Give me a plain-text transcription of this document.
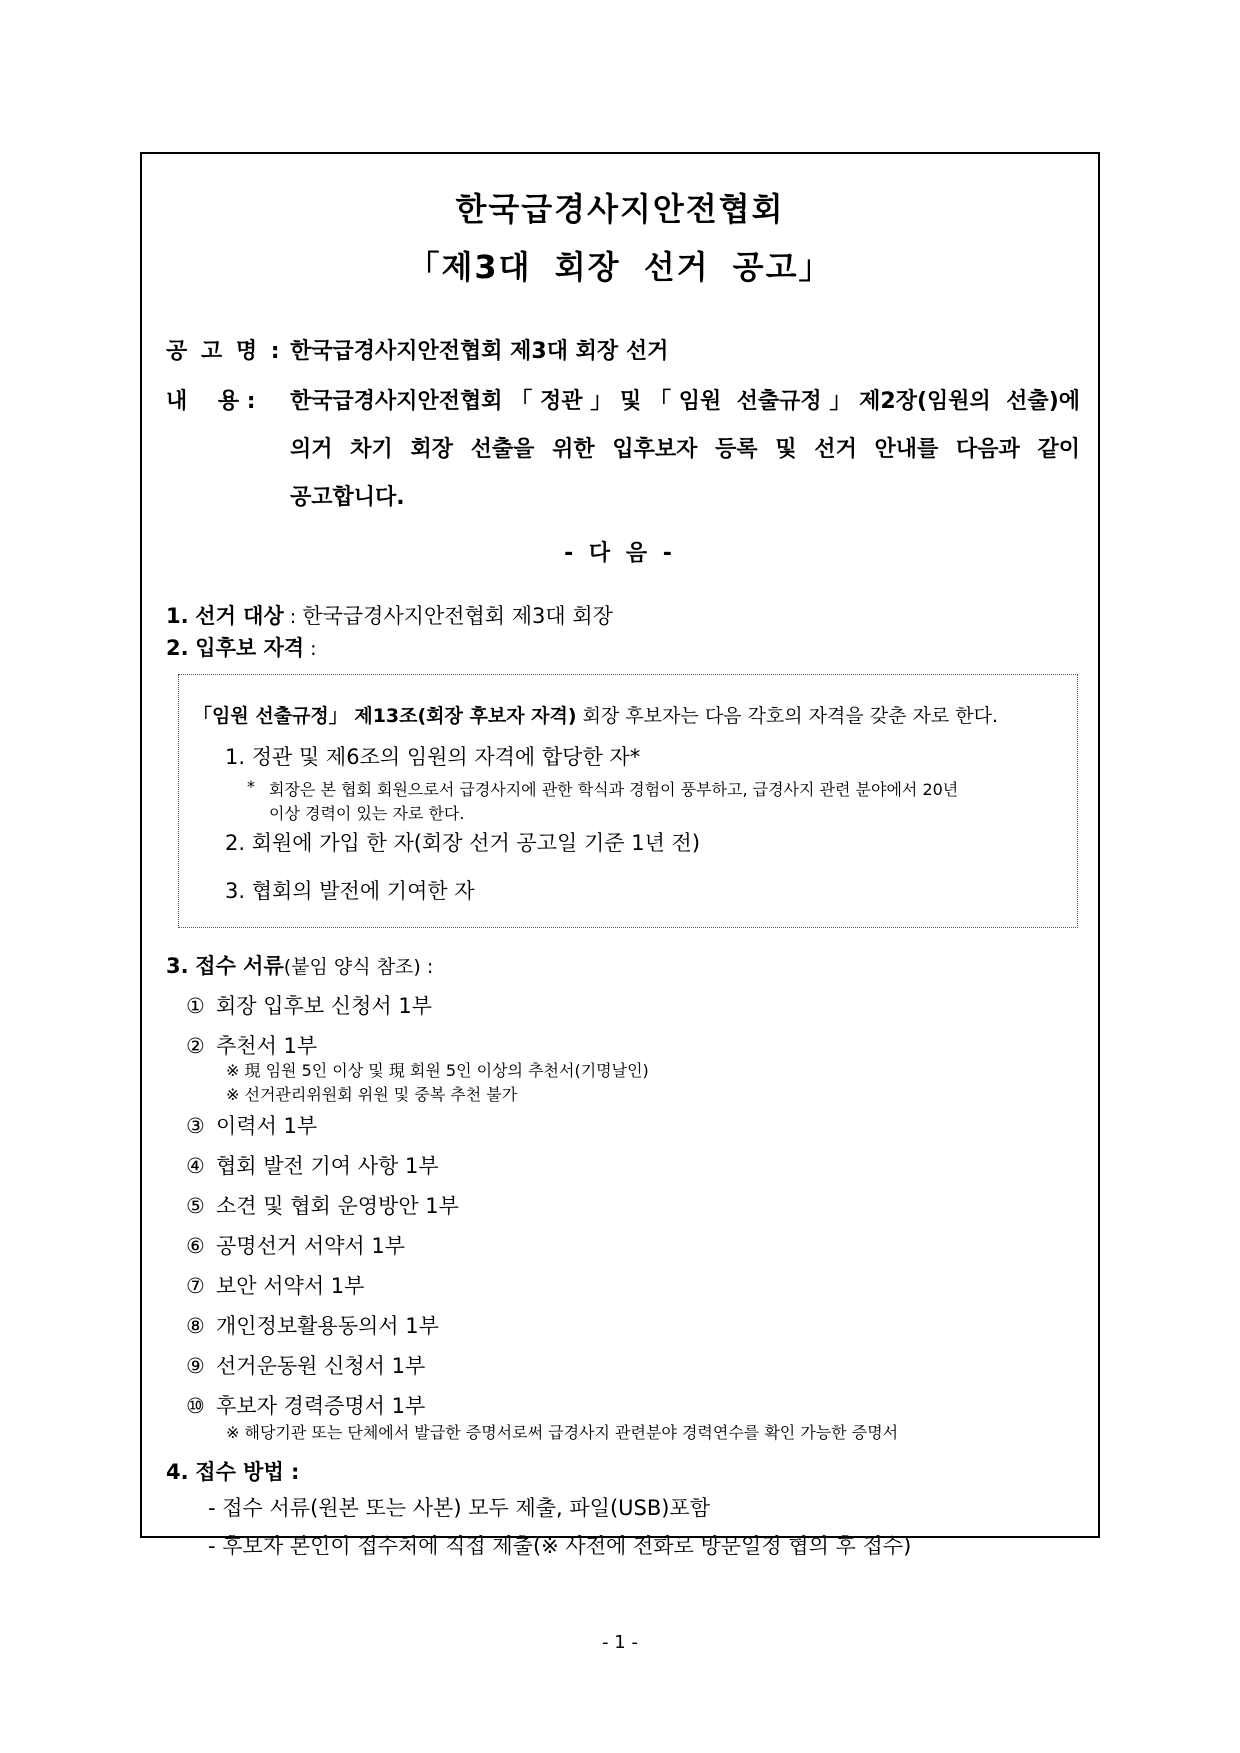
한국급경사지안전협회
「제3대 회장 선거 공고」
공 고 명 : 한국급경사지안전협회 제3대 회장 선거
내    용 : 한국급경사지안전협회「정관」및「임원 선출규정」제2장(임원의 선출)에
의거 차기 회장 선출을 위한 입후보자 등록 및 선거 안내를 다음과 같이
공고합니다.
- 다 음 -
1. 선거 대상 : 한국급경사지안전협회 제3대 회장
2. 입후보 자격 :
「임원 선출규정」 제13조(회장 후보자 자격) 회장 후보자는 다음 각호의 자격을 갖춘 자로 한다.
1. 정관 및 제6조의 임원의 자격에 합당한 자*
* 회장은 본 협회 회원으로서 급경사지에 관한 학식과 경험이 풍부하고, 급경사지 관련 분야에서 20년
이상 경력이 있는 자로 한다.
2. 회원에 가입 한 자(회장 선거 공고일 기준 1년 전)
3. 협회의 발전에 기여한 자
3. 접수 서류(붙임 양식 참조) :
① 회장 입후보 신청서 1부
② 추천서 1부
※ 現 임원 5인 이상 및 現 회원 5인 이상의 추천서(기명날인)
※ 선거관리위원회 위원 및 중복 추천 불가
③ 이력서 1부
④ 협회 발전 기여 사항 1부
⑤ 소견 및 협회 운영방안 1부
⑥ 공명선거 서약서 1부
⑦ 보안 서약서 1부
⑧ 개인정보활용동의서 1부
⑨ 선거운동원 신청서 1부
⑩ 후보자 경력증명서 1부
※ 해당기관 또는 단체에서 발급한 증명서로써 급경사지 관련분야 경력연수를 확인 가능한 증명서
4. 접수 방법 :
- 접수 서류(원본 또는 사본) 모두 제출, 파일(USB)포함
- 후보자 본인이 접수처에 직접 제출(※ 사전에 전화로 방문일정 협의 후 접수)
- 1 -
